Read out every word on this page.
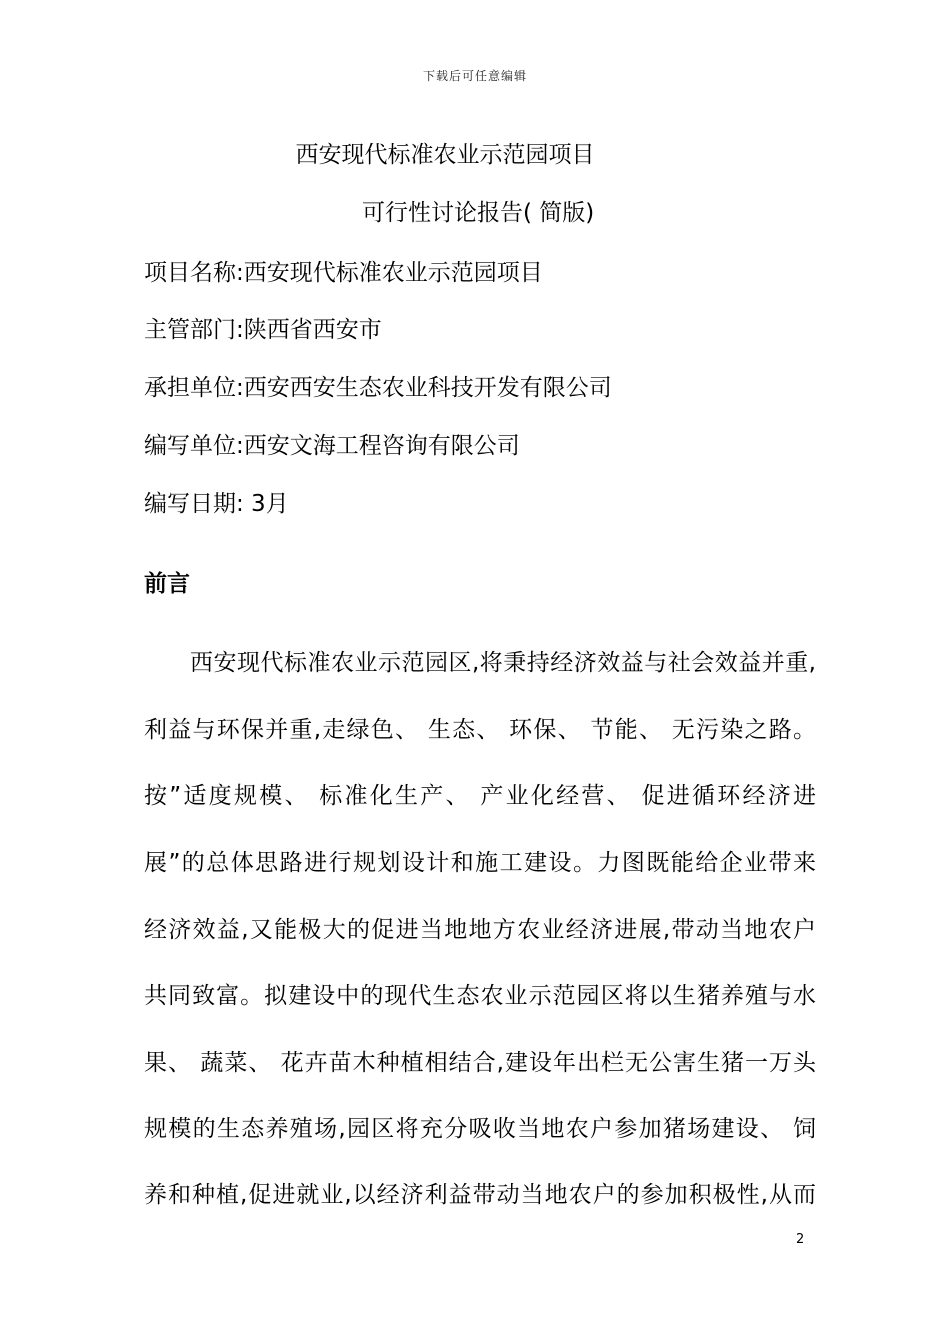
下载后可任意编辑
西安现代标准农业示范园项目
可行性讨论报告( 简版)
项目名称:西安现代标准农业示范园项目
主管部门:陕西省西安市
承担单位:西安西安生态农业科技开发有限公司
编写单位:西安文海工程咨询有限公司
编写日期: 3月
前言
西安现代标准农业示范园区,将秉持经济效益与社会效益并重,
利益与环保并重,走绿色、 生态、 环保、 节能、 无污染之路。
按”适度规模、 标准化生产、 产业化经营、 促进循环经济进
展”的总体思路进行规划设计和施工建设。力图既能给企业带来
经济效益,又能极大的促进当地地方农业经济进展,带动当地农户
共同致富。拟建设中的现代生态农业示范园区将以生猪养殖与水
果、 蔬菜、 花卉苗木种植相结合,建设年出栏无公害生猪一万头
规模的生态养殖场,园区将充分吸收当地农户参加猪场建设、 饲
养和种植,促进就业,以经济利益带动当地农户的参加积极性,从而
2
